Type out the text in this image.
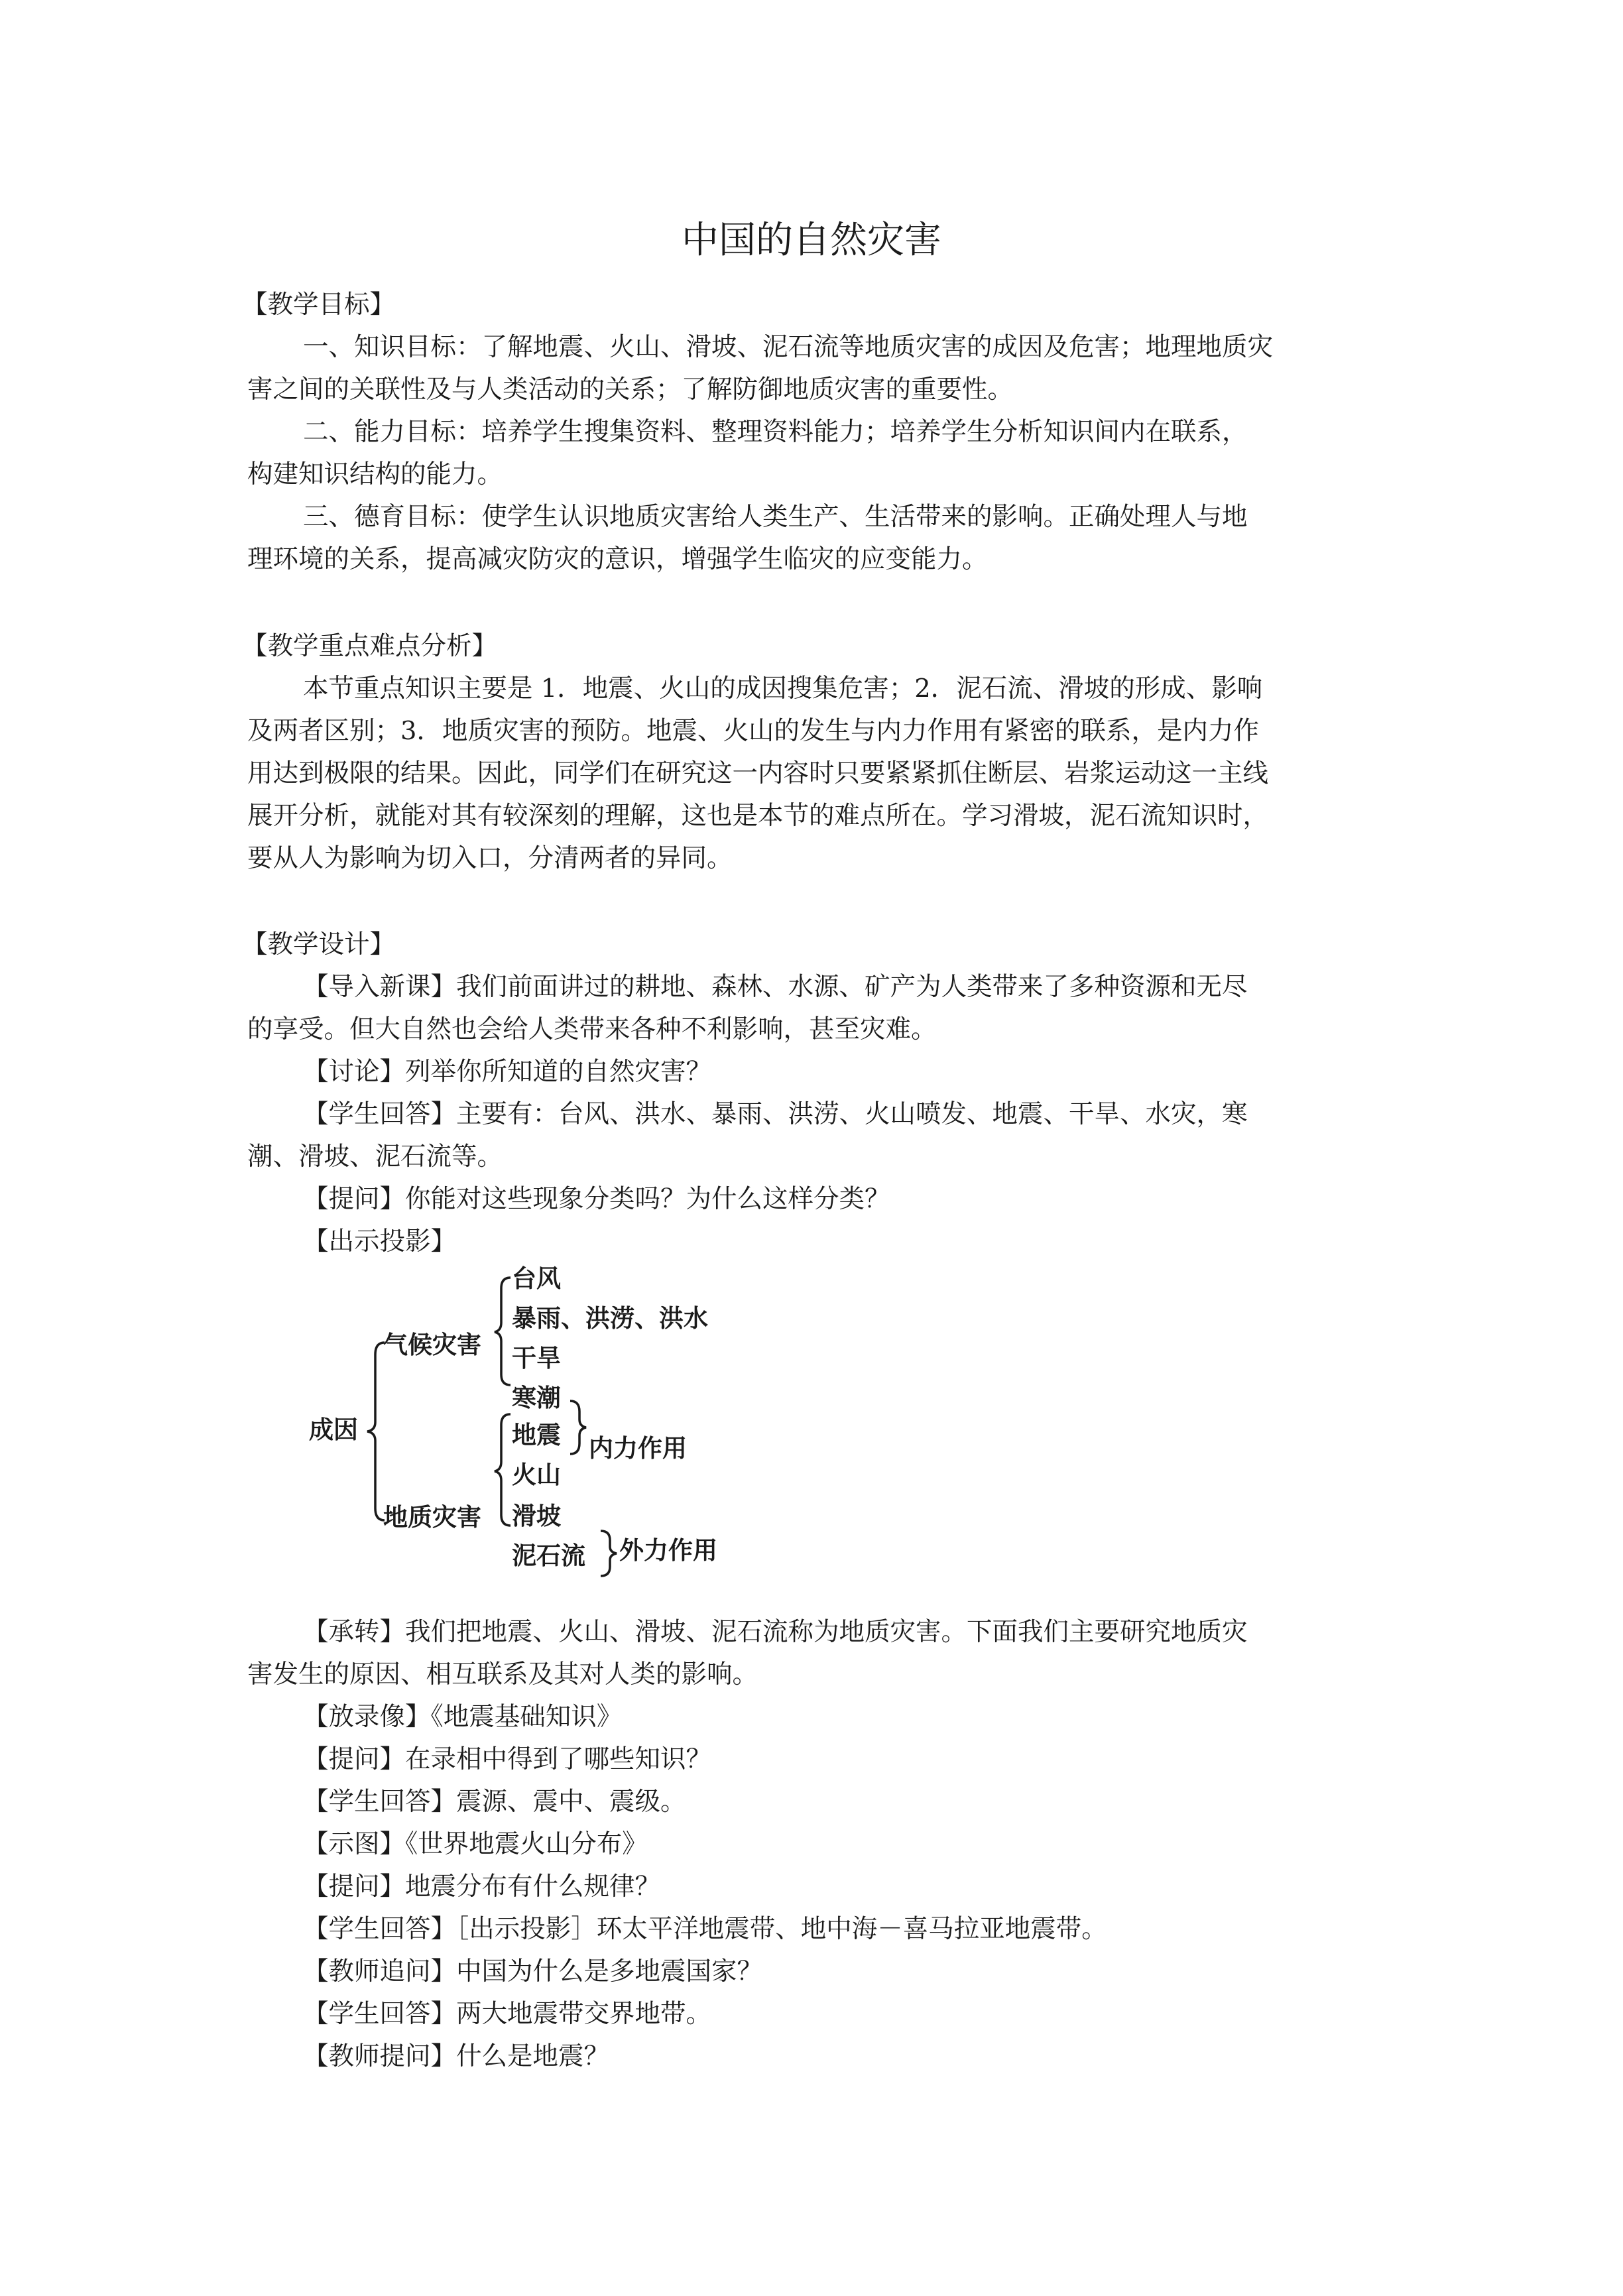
中国的自然灾害
【教学目标】
一、知识目标：了解地震、火山、滑坡、泥石流等地质灾害的成因及危害；地理地质灾
害之间的关联性及与人类活动的关系；了解防御地质灾害的重要性。
二、能力目标：培养学生搜集资料、整理资料能力；培养学生分析知识间内在联系，
构建知识结构的能力。
三、德育目标：使学生认识地质灾害给人类生产、生活带来的影响。正确处理人与地
理环境的关系，提高减灾防灾的意识，增强学生临灾的应变能力。
【教学重点难点分析】
本节重点知识主要是 1．地震、火山的成因搜集危害；2．泥石流、滑坡的形成、影响
及两者区别；3．地质灾害的预防。地震、火山的发生与内力作用有紧密的联系，是内力作
用达到极限的结果。因此，同学们在研究这一内容时只要紧紧抓住断层、岩浆运动这一主线
展开分析，就能对其有较深刻的理解，这也是本节的难点所在。学习滑坡，泥石流知识时，
要从人为影响为切入口，分清两者的异同。
【教学设计】
【导入新课】我们前面讲过的耕地、森林、水源、矿产为人类带来了多种资源和无尽
的享受。但大自然也会给人类带来各种不利影响，甚至灾难。
【讨论】列举你所知道的自然灾害？
【学生回答】主要有：台风、洪水、暴雨、洪涝、火山喷发、地震、干旱、水灾，寒
潮、滑坡、泥石流等。
【提问】你能对这些现象分类吗？为什么这样分类？
【出示投影】
成因
气候灾害
地质灾害
台风
暴雨、洪涝、洪水
干旱
寒潮
地震
火山
滑坡
泥石流
内力作用
外力作用
【承转】我们把地震、火山、滑坡、泥石流称为地质灾害。下面我们主要研究地质灾
害发生的原因、相互联系及其对人类的影响。
【放录像】《地震基础知识》
【提问】在录相中得到了哪些知识？
【学生回答】震源、震中、震级。
【示图】《世界地震火山分布》
【提问】地震分布有什么规律？
【学生回答】［出示投影］环太平洋地震带、地中海－喜马拉亚地震带。
【教师追问】中国为什么是多地震国家？
【学生回答】两大地震带交界地带。
【教师提问】什么是地震？
